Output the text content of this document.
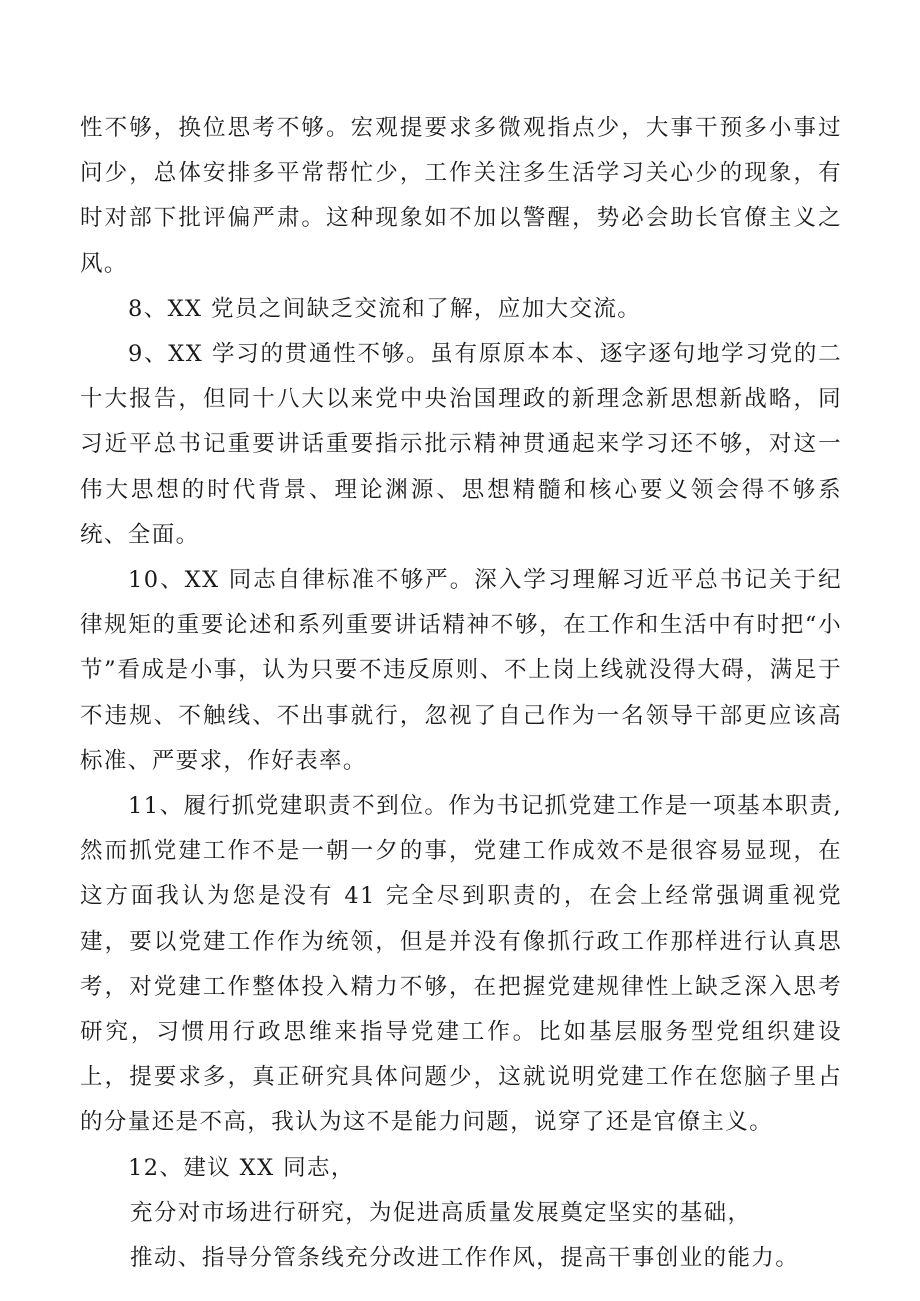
性不够，换位思考不够。宏观提要求多微观指点少，大事干预多小事过问少，总体安排多平常帮忙少，工作关注多生活学习关心少的现象，有时对部下批评偏严肃。这种现象如不加以警醒，势必会助长官僚主义之风。

8、XX 党员之间缺乏交流和了解，应加大交流。

9、XX 学习的贯通性不够。虽有原原本本、逐字逐句地学习党的二十大报告，但同十八大以来党中央治国理政的新理念新思想新战略，同习近平总书记重要讲话重要指示批示精神贯通起来学习还不够，对这一伟大思想的时代背景、理论渊源、思想精髓和核心要义领会得不够系统、全面。

10、XX 同志自律标准不够严。深入学习理解习近平总书记关于纪律规矩的重要论述和系列重要讲话精神不够，在工作和生活中有时把“小节”看成是小事，认为只要不违反原则、不上岗上线就没得大碍，满足于不违规、不触线、不出事就行，忽视了自己作为一名领导干部更应该高标准、严要求，作好表率。

11、履行抓党建职责不到位。作为书记抓党建工作是一项基本职责,然而抓党建工作不是一朝一夕的事，党建工作成效不是很容易显现，在这方面我认为您是没有 41 完全尽到职责的，在会上经常强调重视党建，要以党建工作作为统领，但是并没有像抓行政工作那样进行认真思考，对党建工作整体投入精力不够，在把握党建规律性上缺乏深入思考研究，习惯用行政思维来指导党建工作。比如基层服务型党组织建设上，提要求多，真正研究具体问题少，这就说明党建工作在您脑子里占的分量还是不高，我认为这不是能力问题，说穿了还是官僚主义。

12、建议 XX 同志，

充分对市场进行研究，为促进高质量发展奠定坚实的基础，
推动、指导分管条线充分改进工作作风，提高干事创业的能力。
